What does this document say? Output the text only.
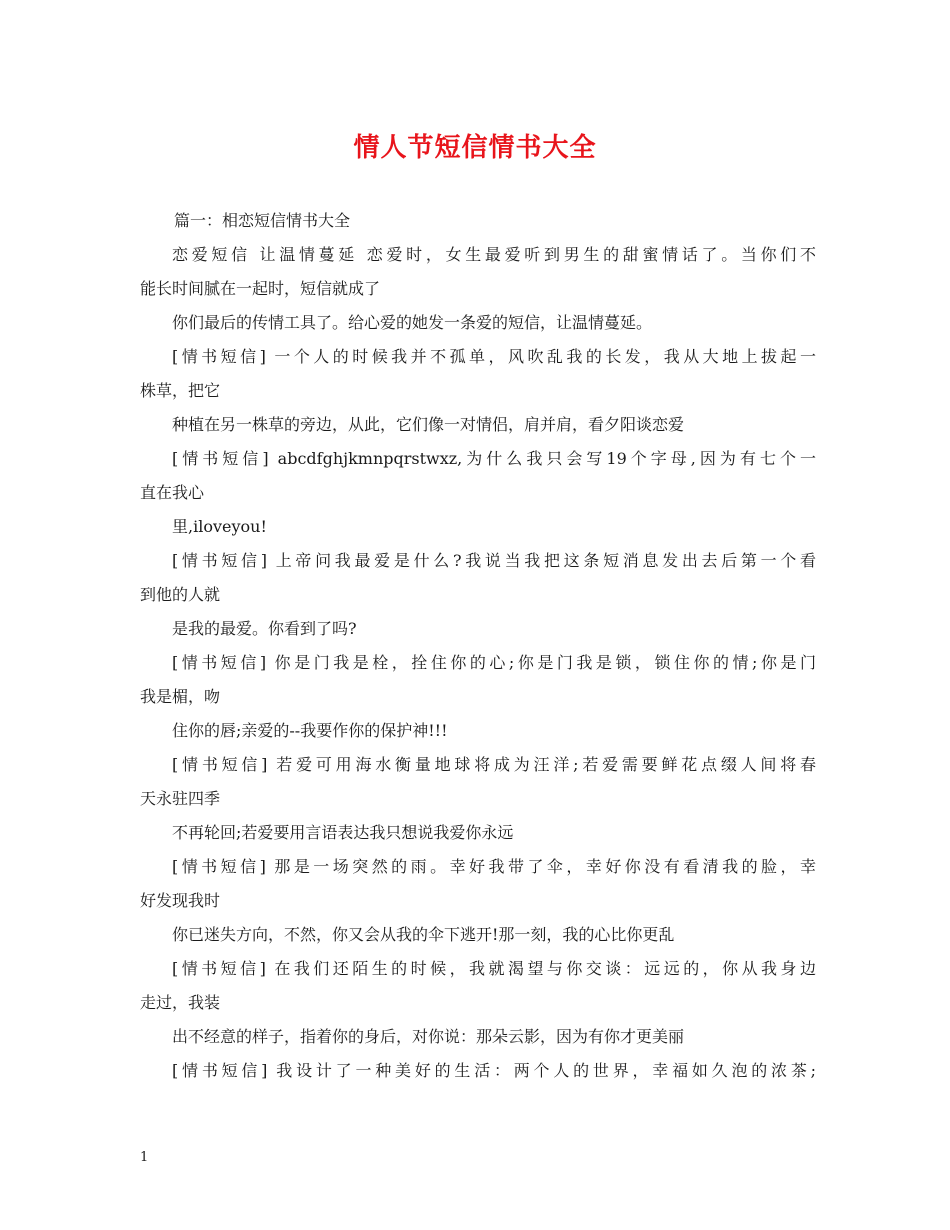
情人节短信情书大全
篇一：相恋短信情书大全
恋爱短信 让温情蔓延 恋爱时，女生最爱听到男生的甜蜜情话了。当你们不
能长时间腻在一起时，短信就成了
你们最后的传情工具了。给心爱的她发一条爱的短信，让温情蔓延。
[情书短信] 一个人的时候我并不孤单，风吹乱我的长发，我从大地上拔起一
株草，把它
种植在另一株草的旁边，从此，它们像一对情侣，肩并肩，看夕阳谈恋爱
[情书短信] abcdfghjkmnpqrstwxz,为什么我只会写19个字母,因为有七个一
直在我心
里,iloveyou!
[情书短信] 上帝问我最爱是什么?我说当我把这条短消息发出去后第一个看
到他的人就
是我的最爱。你看到了吗?
[情书短信] 你是门我是栓，拴住你的心;你是门我是锁，锁住你的情;你是门
我是楣，吻
住你的唇;亲爱的--我要作你的保护神!!!
[情书短信] 若爱可用海水衡量地球将成为汪洋;若爱需要鲜花点缀人间将春
天永驻四季
不再轮回;若爱要用言语表达我只想说我爱你永远
[情书短信] 那是一场突然的雨。幸好我带了伞，幸好你没有看清我的脸，幸
好发现我时
你已迷失方向，不然，你又会从我的伞下逃开!那一刻，我的心比你更乱
[情书短信] 在我们还陌生的时候，我就渴望与你交谈：远远的，你从我身边
走过，我装
出不经意的样子，指着你的身后，对你说：那朵云影，因为有你才更美丽
[情书短信] 我设计了一种美好的生活：两个人的世界，幸福如久泡的浓茶;
1
